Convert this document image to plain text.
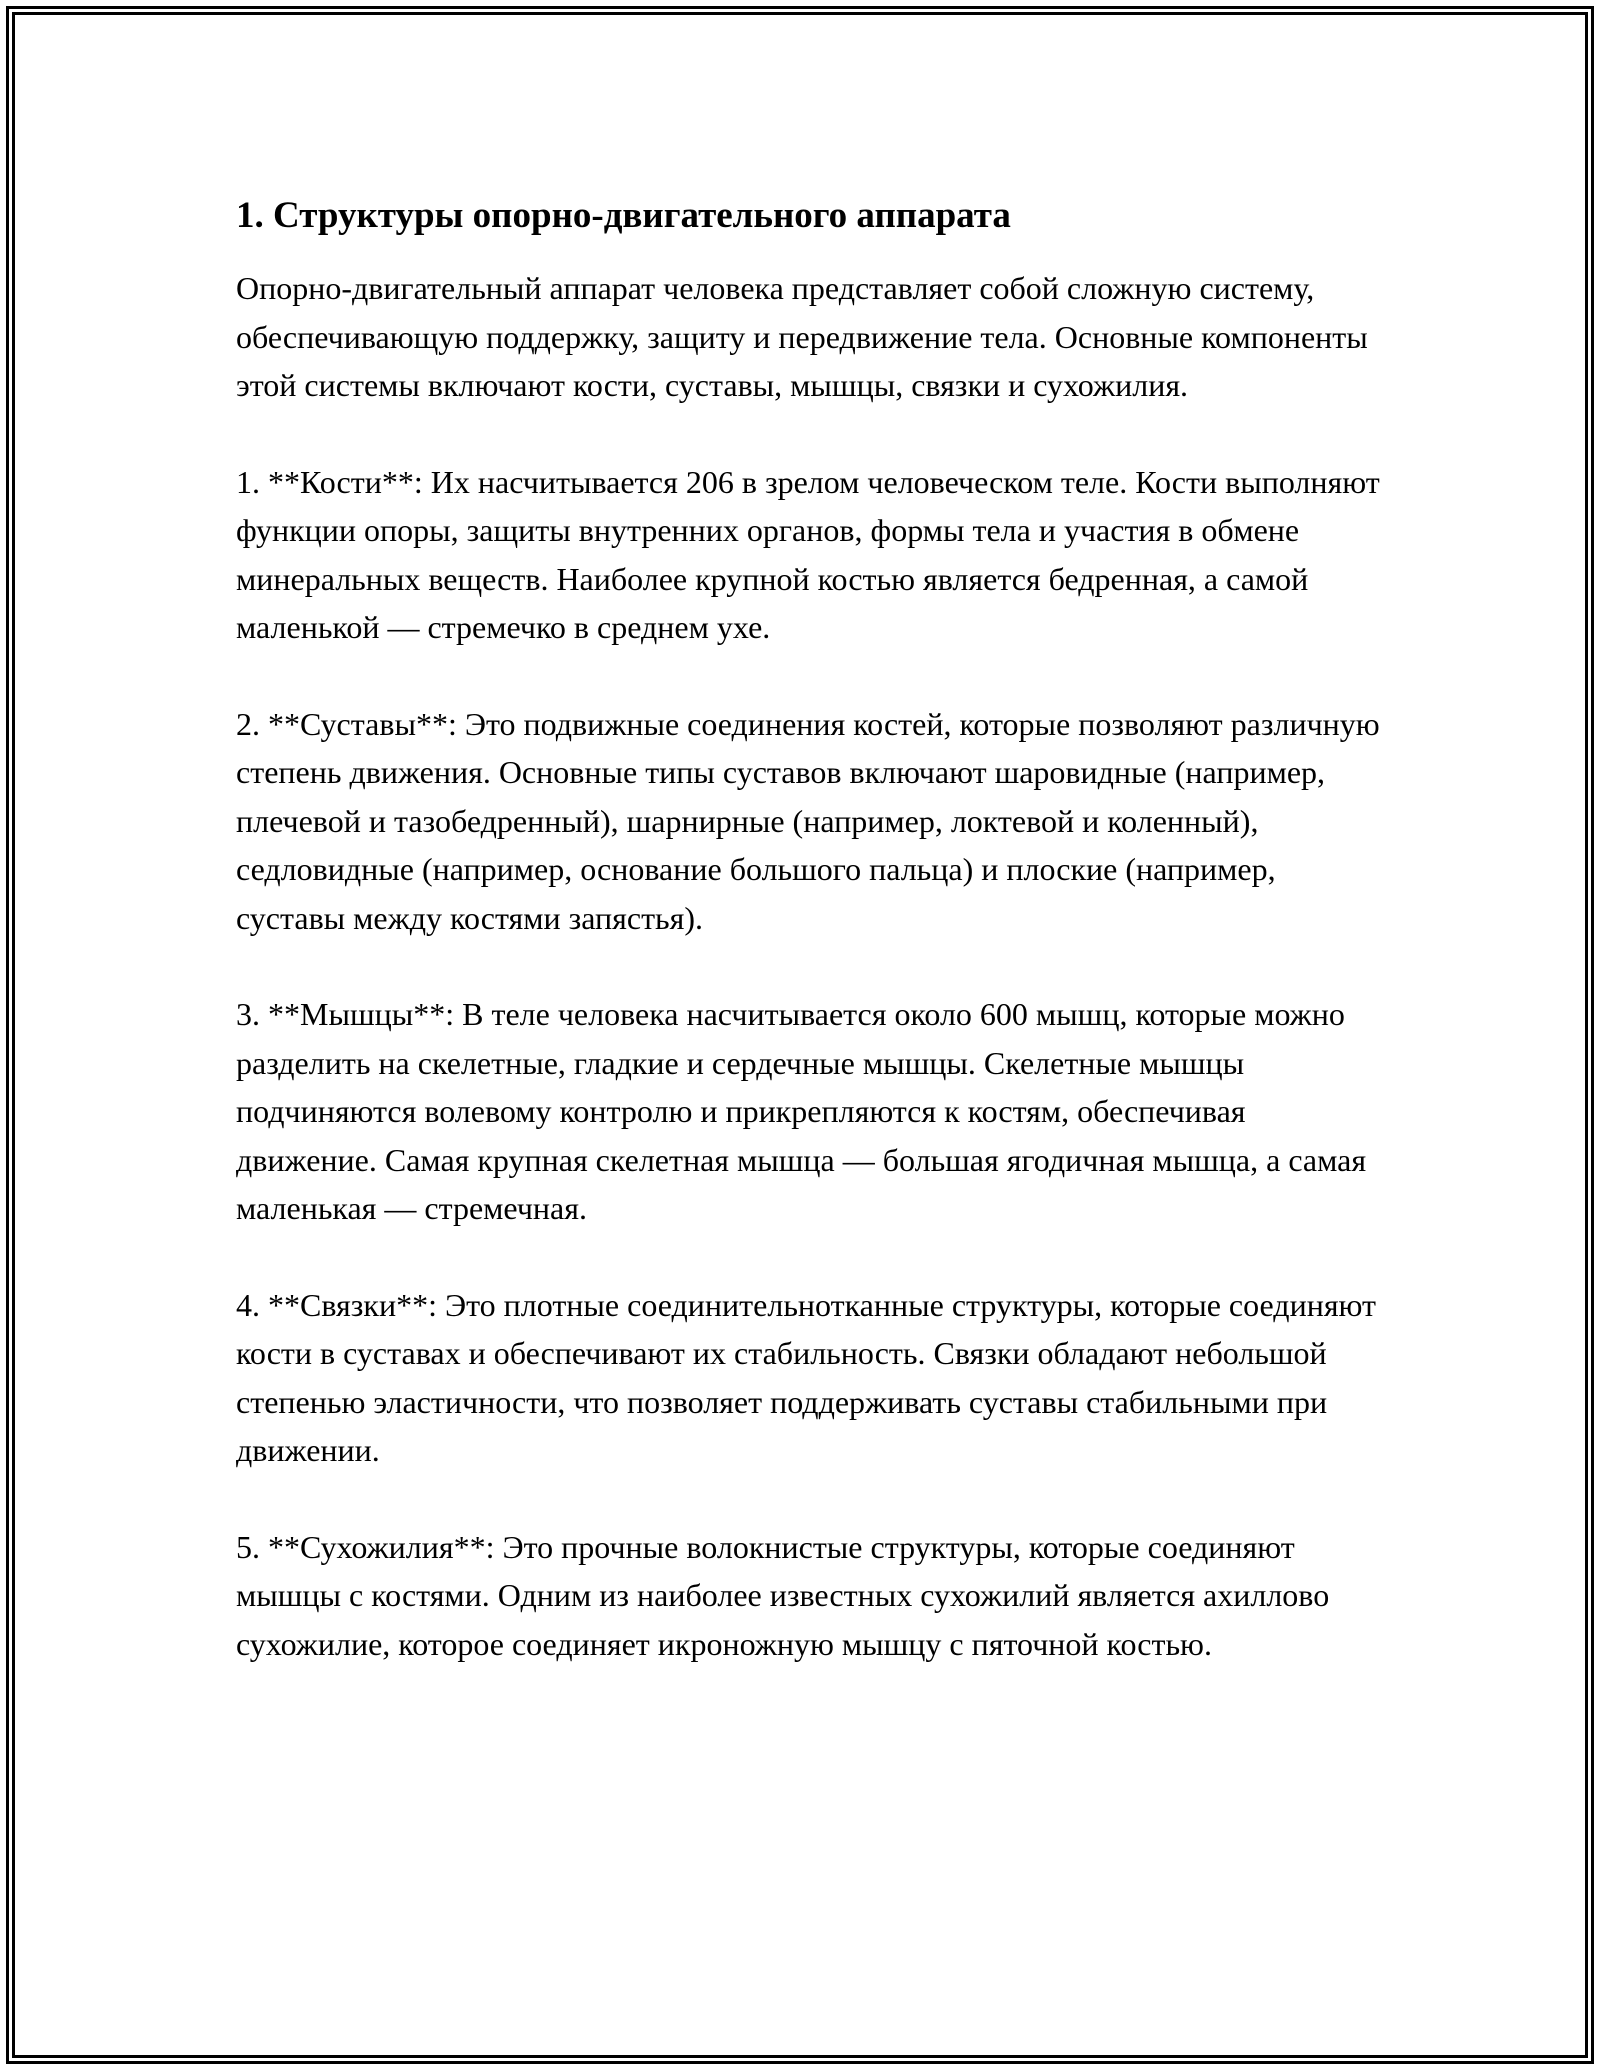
1. Структуры опорно-двигательного аппарата

Опорно-двигательный аппарат человека представляет собой сложную систему, обеспечивающую поддержку, защиту и передвижение тела. Основные компоненты этой системы включают кости, суставы, мышцы, связки и сухожилия.

1. **Кости**: Их насчитывается 206 в зрелом человеческом теле. Кости выполняют функции опоры, защиты внутренних органов, формы тела и участия в обмене минеральных веществ. Наиболее крупной костью является бедренная, а самой маленькой — стремечко в среднем ухе.

2. **Суставы**: Это подвижные соединения костей, которые позволяют различную степень движения. Основные типы суставов включают шаровидные (например, плечевой и тазобедренный), шарнирные (например, локтевой и коленный), седловидные (например, основание большого пальца) и плоские (например, суставы между костями запястья).

3. **Мышцы**: В теле человека насчитывается около 600 мышц, которые можно разделить на скелетные, гладкие и сердечные мышцы. Скелетные мышцы подчиняются волевому контролю и прикрепляются к костям, обеспечивая движение. Самая крупная скелетная мышца — большая ягодичная мышца, а самая маленькая — стремечная.

4. **Связки**: Это плотные соединительнотканные структуры, которые соединяют кости в суставах и обеспечивают их стабильность. Связки обладают небольшой степенью эластичности, что позволяет поддерживать суставы стабильными при движении.

5. **Сухожилия**: Это прочные волокнистые структуры, которые соединяют мышцы с костями. Одним из наиболее известных сухожилий является ахиллово сухожилие, которое соединяет икроножную мышцу с пяточной костью.
